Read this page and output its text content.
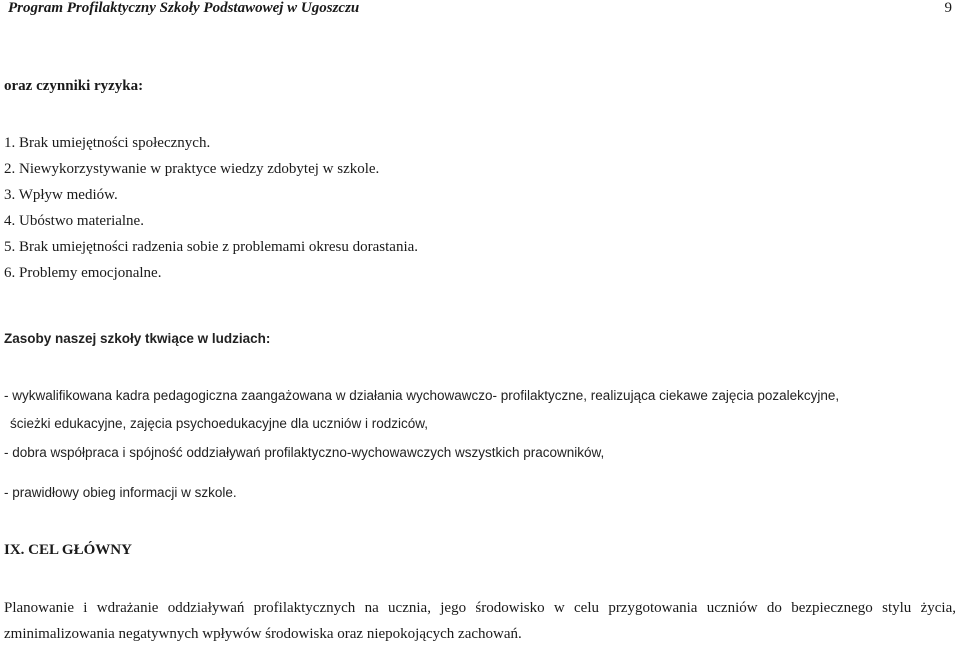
Program Profilaktyczny Szkoły Podstawowej w Ugoszczu	9
oraz czynniki ryzyka:
1. Brak umiejętności społecznych.
2. Niewykorzystywanie w praktyce wiedzy zdobytej w szkole.
3. Wpływ mediów.
4. Ubóstwo materialne.
5. Brak umiejętności radzenia sobie z problemami okresu dorastania.
6. Problemy emocjonalne.
Zasoby naszej szkoły tkwiące w ludziach:
- wykwalifikowana kadra pedagogiczna zaangażowana w działania wychowawczo- profilaktyczne, realizująca ciekawe zajęcia pozalekcyjne,
ścieżki edukacyjne, zajęcia psychoedukacyjne dla uczniów i rodziców,
- dobra współpraca i spójność oddziaływań profilaktyczno-wychowawczych wszystkich pracowników,
- prawidłowy obieg informacji w szkole.
IX. CEL GŁÓWNY
Planowanie i wdrażanie oddziaływań profilaktycznych na ucznia, jego środowisko w celu przygotowania uczniów do bezpiecznego stylu życia, zminimalizowania negatywnych wpływów środowiska oraz niepokojących zachowań.
